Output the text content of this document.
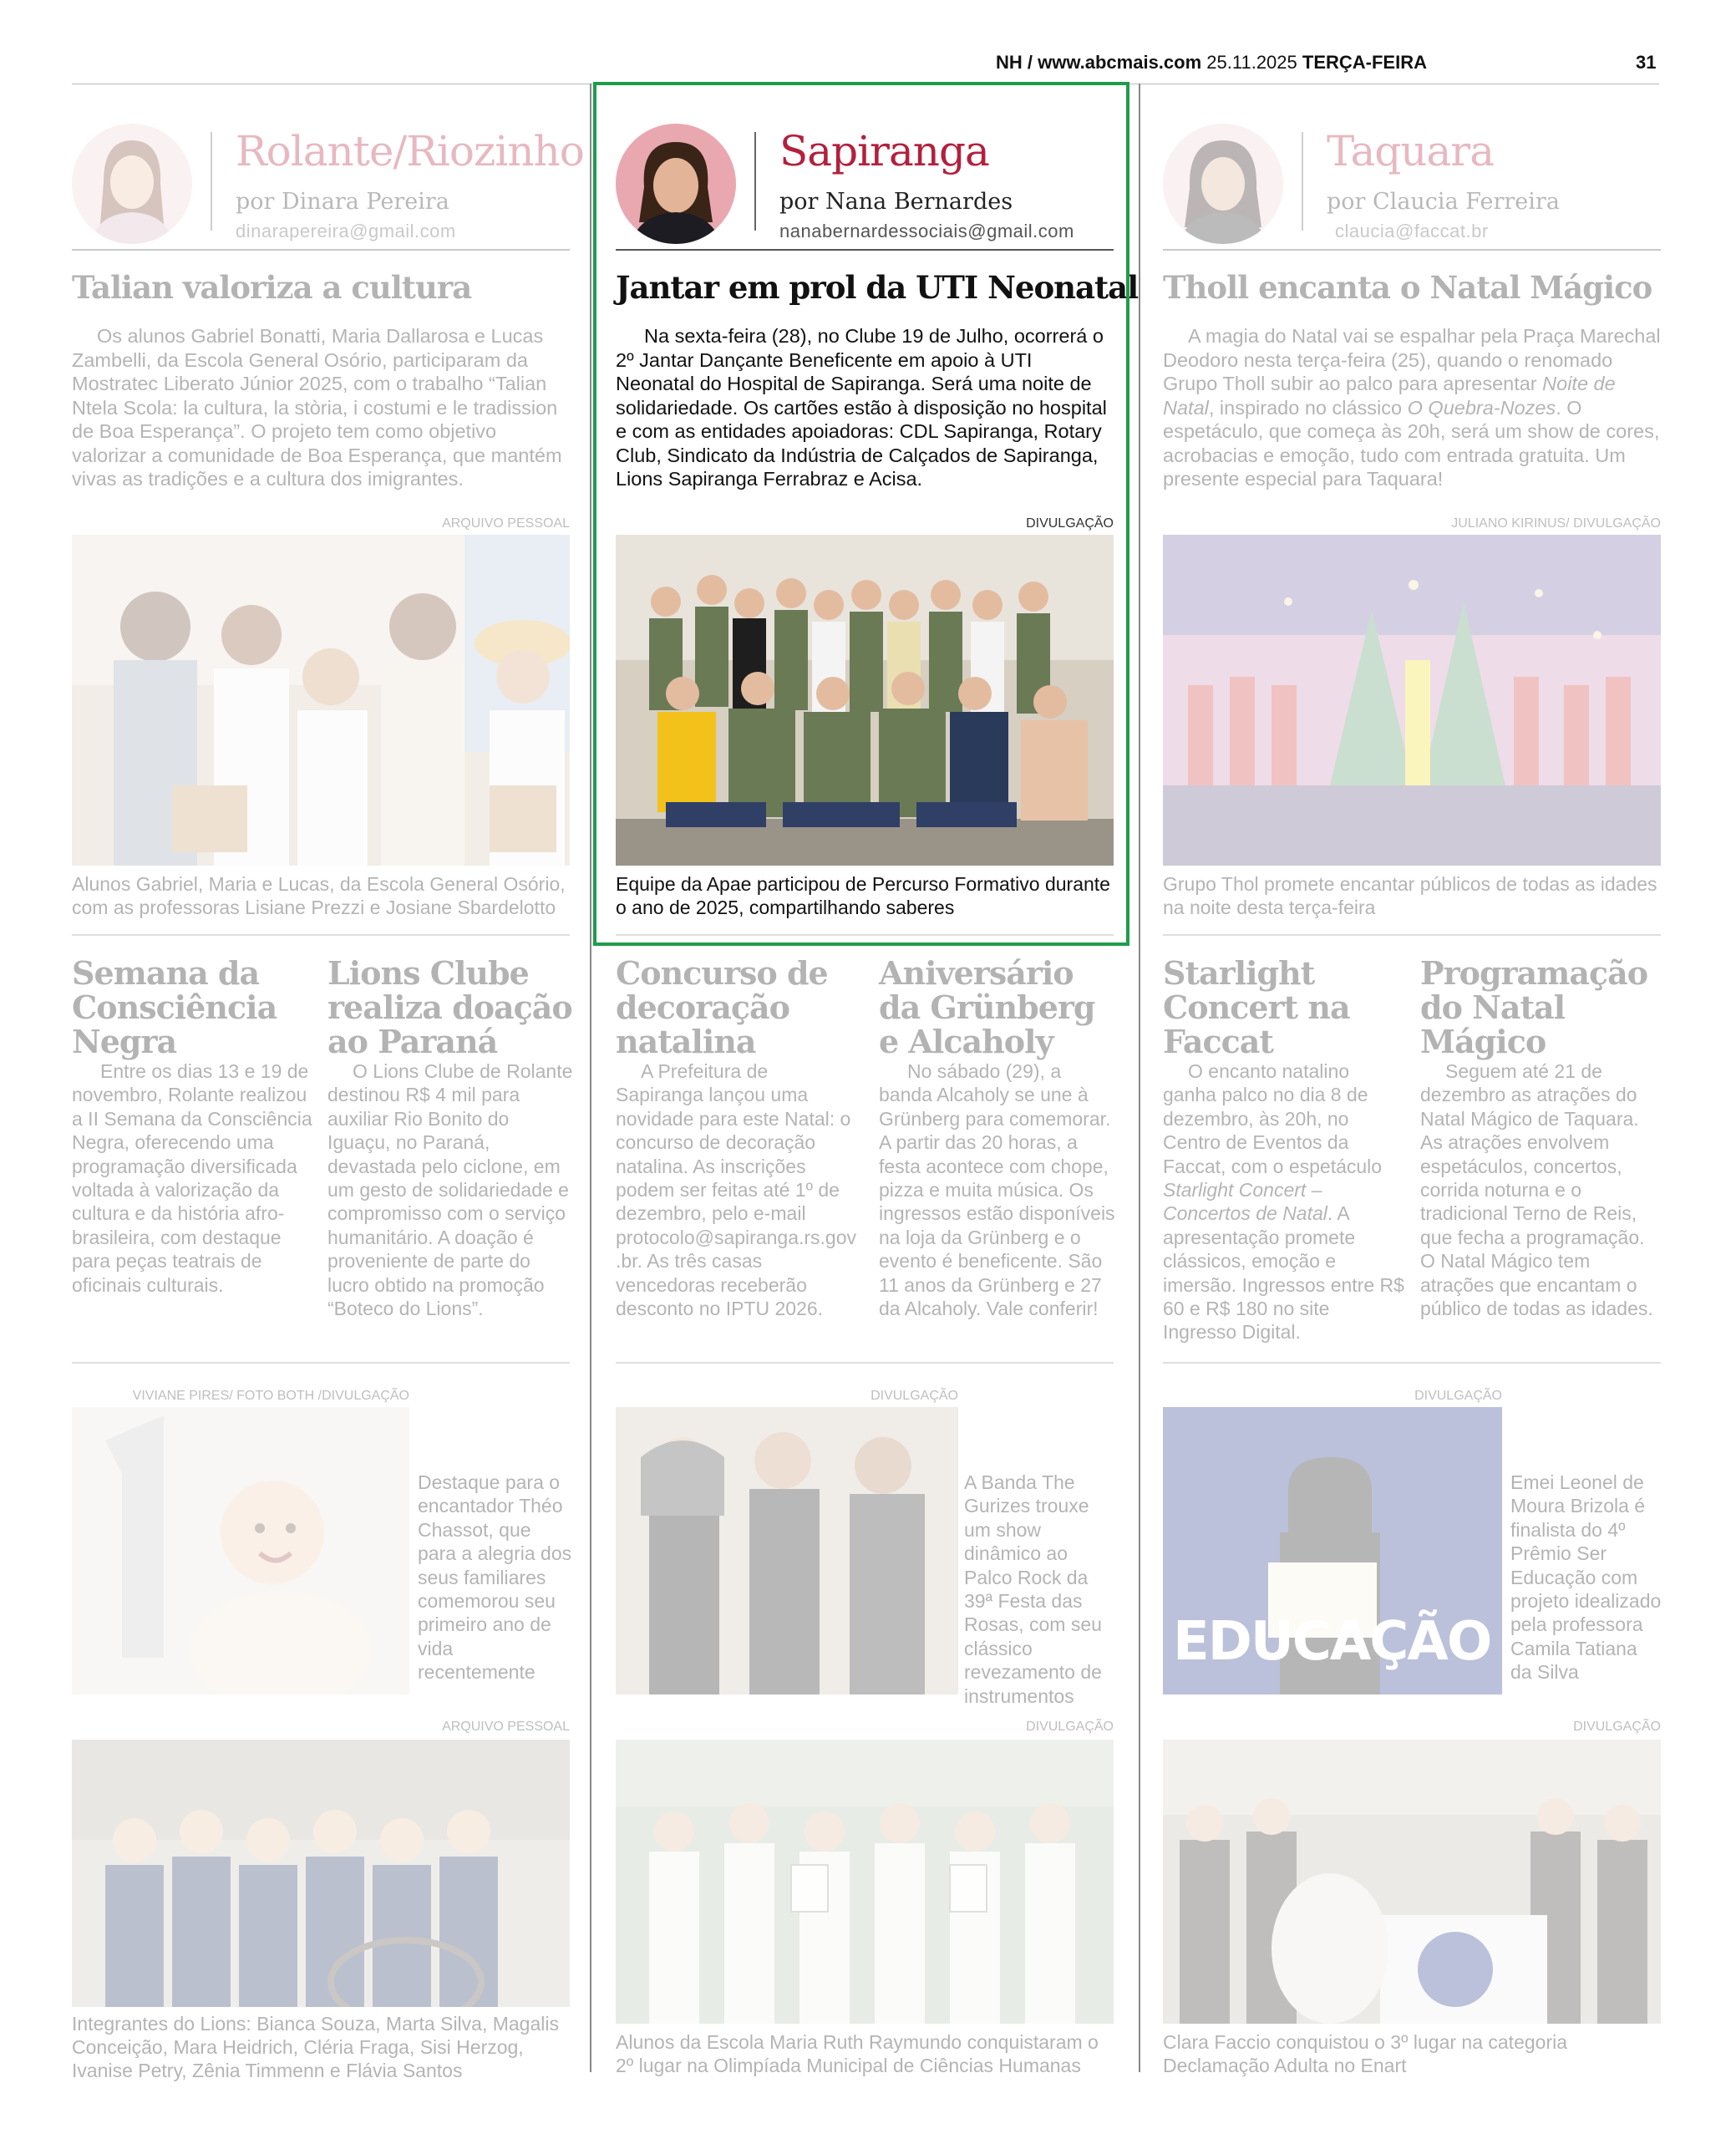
NH / www.abcmais.com 25.11.2025 TERÇA-FEIRA	31
Rolante/Riozinho
por Dinara Pereira
dinarapereira@gmail.com
Talian valoriza a cultura
Os alunos Gabriel Bonatti, Maria Dallarosa e Lucas Zambelli, da Escola General Osório, participaram da Mostratec Liberato Júnior 2025, com o trabalho “Talian Ntela Scola: la cultura, la stòria, i costumi e le tradission de Boa Esperança”. O projeto tem como objetivo valorizar a comunidade de Boa Esperança, que mantém vivas as tradições e a cultura dos imigrantes.
ARQUIVO PESSOAL
Alunos Gabriel, Maria e Lucas, da Escola General Osório, com as professoras Lisiane Prezzi e Josiane Sbardelotto
Semana da Consciência Negra
Entre os dias 13 e 19 de novembro, Rolante realizou a II Semana da Consciência Negra, oferecendo uma programação diversificada voltada à valorização da cultura e da história afro-brasileira, com destaque para peças teatrais de oficinais culturais.
Lions Clube realiza doação ao Paraná
O Lions Clube de Rolante destinou R$ 4 mil para auxiliar Rio Bonito do Iguaçu, no Paraná, devastada pelo ciclone, em um gesto de solidariedade e compromisso com o serviço humanitário. A doação é proveniente de parte do lucro obtido na promoção “Boteco do Lions”.
VIVIANE PIRES/ FOTO BOTH /DIVULGAÇÃO
Destaque para o encantador Théo Chassot, que para a alegria dos seus familiares comemorou seu primeiro ano de vida recentemente
ARQUIVO PESSOAL
Integrantes do Lions: Bianca Souza, Marta Silva, Magalis Conceição, Mara Heidrich, Cléria Fraga, Sisi Herzog, Ivanise Petry, Zênia Timmenn e Flávia Santos
Sapiranga
por Nana Bernardes
nanabernardessociais@gmail.com
Jantar em prol da UTI Neonatal
Na sexta-feira (28), no Clube 19 de Julho, ocorrerá o 2º Jantar Dançante Beneficente em apoio à UTI Neonatal do Hospital de Sapiranga. Será uma noite de solidariedade. Os cartões estão à disposição no hospital e com as entidades apoiadoras: CDL Sapiranga, Rotary Club, Sindicato da Indústria de Calçados de Sapiranga, Lions Sapiranga Ferrabraz e Acisa.
DIVULGAÇÃO
Equipe da Apae participou de Percurso Formativo durante o ano de 2025, compartilhando saberes
Concurso de decoração natalina
A Prefeitura de Sapiranga lançou uma novidade para este Natal: o concurso de decoração natalina. As inscrições podem ser feitas até 1º de dezembro, pelo e-mail protocolo@sapiranga.rs.gov.br. As três casas vencedoras receberão desconto no IPTU 2026.
Aniversário da Grünberg e Alcaholy
No sábado (29), a banda Alcaholy se une à Grünberg para comemorar. A partir das 20 horas, a festa acontece com chope, pizza e muita música. Os ingressos estão disponíveis na loja da Grünberg e o evento é beneficente. São 11 anos da Grünberg e 27 da Alcaholy. Vale conferir!
DIVULGAÇÃO
A Banda The Gurizes trouxe um show dinâmico ao Palco Rock da 39ª Festa das Rosas, com seu clássico revezamento de instrumentos
DIVULGAÇÃO
Alunos da Escola Maria Ruth Raymundo conquistaram o 2º lugar na Olimpíada Municipal de Ciências Humanas
Taquara
por Claucia Ferreira
claucia@faccat.br
Tholl encanta o Natal Mágico
A magia do Natal vai se espalhar pela Praça Marechal Deodoro nesta terça-feira (25), quando o renomado Grupo Tholl subir ao palco para apresentar Noite de Natal, inspirado no clássico O Quebra-Nozes. O espetáculo, que começa às 20h, será um show de cores, acrobacias e emoção, tudo com entrada gratuita. Um presente especial para Taquara!
JULIANO KIRINUS/ DIVULGAÇÃO
Grupo Thol promete encantar públicos de todas as idades na noite desta terça-feira
Starlight Concert na Faccat
O encanto natalino ganha palco no dia 8 de dezembro, às 20h, no Centro de Eventos da Faccat, com o espetáculo Starlight Concert – Concertos de Natal. A apresentação promete clássicos, emoção e imersão. Ingressos entre R$ 60 e R$ 180 no site Ingresso Digital.
Programação do Natal Mágico
Seguem até 21 de dezembro as atrações do Natal Mágico de Taquara. As atrações envolvem espetáculos, concertos, corrida noturna e o tradicional Terno de Reis, que fecha a programação. O Natal Mágico tem atrações que encantam o público de todas as idades.
DIVULGAÇÃO
EDUCAÇÃO
Emei Leonel de Moura Brizola é finalista do 4º Prêmio Ser Educação com projeto idealizado pela professora Camila Tatiana da Silva
DIVULGAÇÃO
Clara Faccio conquistou o 3º lugar na categoria Declamação Adulta no Enart
